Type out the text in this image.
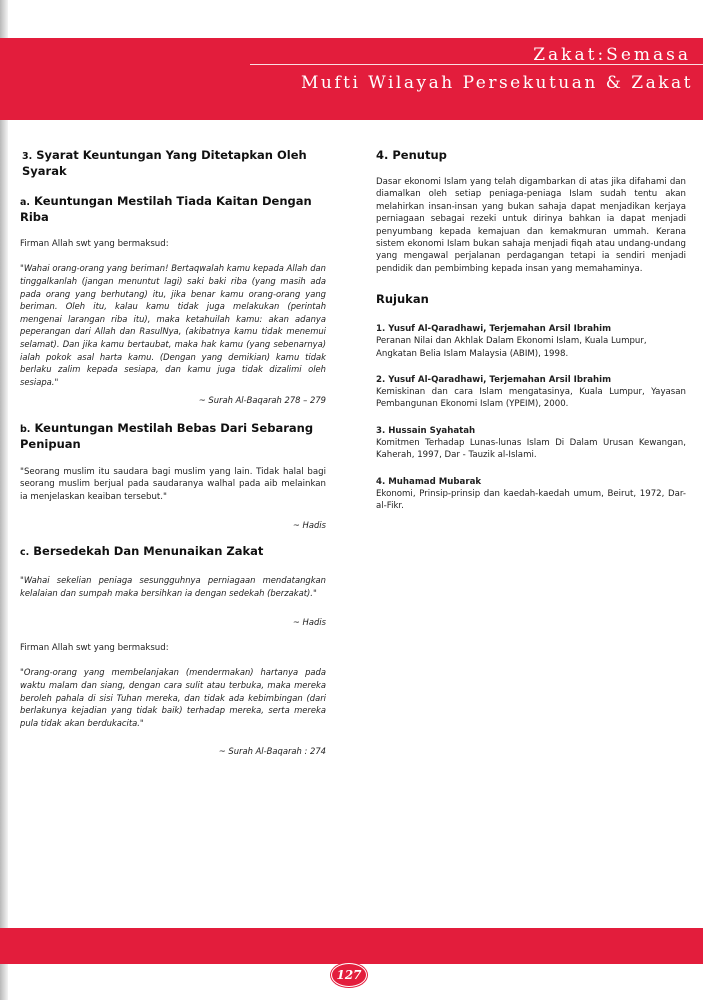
Zakat:Semasa
Mufti Wilayah Persekutuan & Zakat
3. Syarat Keuntungan Yang Ditetapkan Oleh Syarak
a. Keuntungan Mestilah Tiada Kaitan Dengan Riba

Firman Allah swt yang bermaksud:

"Wahai orang-orang yang beriman! Bertaqwalah kamu kepada Allah dan tinggalkanlah (jangan menuntut lagi) saki baki riba (yang masih ada pada orang yang berhutang) itu, jika benar kamu orang-orang yang beriman. Oleh itu, kalau kamu tidak juga melakukan (perintah mengenai larangan riba itu), maka ketahuilah kamu: akan adanya peperangan dari Allah dan RasulNya, (akibatnya kamu tidak menemui selamat). Dan jika kamu bertaubat, maka hak kamu (yang sebenarnya) ialah pokok asal harta kamu. (Dengan yang demikian) kamu tidak berlaku zalim kepada sesiapa, dan kamu juga tidak dizalimi oleh sesiapa."

~ Surah Al-Baqarah 278 – 279

b. Keuntungan Mestilah Bebas Dari Sebarang Penipuan

"Seorang muslim itu saudara bagi muslim yang lain. Tidak halal bagi seorang muslim berjual pada saudaranya walhal pada aib melainkan ia menjelaskan keaiban tersebut."

~ Hadis

c. Bersedekah Dan Menunaikan Zakat

"Wahai sekelian peniaga sesungguhnya perniagaan mendatangkan kelalaian dan sumpah maka bersihkan ia dengan sedekah (berzakat)."

~ Hadis

Firman Allah swt yang bermaksud:

"Orang-orang yang membelanjakan (mendermakan) hartanya pada waktu malam dan siang, dengan cara sulit atau terbuka, maka mereka beroleh pahala di sisi Tuhan mereka, dan tidak ada kebimbingan (dari berlakunya kejadian yang tidak baik) terhadap mereka, serta mereka pula tidak akan berdukacita."

~ Surah Al-Baqarah : 274

4. Penutup

Dasar ekonomi Islam yang telah digambarkan di atas jika difahami dan diamalkan oleh setiap peniaga-peniaga Islam sudah tentu akan melahirkan insan-insan yang bukan sahaja dapat menjadikan kerjaya perniagaan sebagai rezeki untuk dirinya bahkan ia dapat menjadi penyumbang kepada kemajuan dan kemakmuran ummah. Kerana sistem ekonomi Islam bukan sahaja menjadi fiqah atau undang-undang yang mengawal perjalanan perdagangan tetapi ia sendiri menjadi pendidik dan pembimbing kepada insan yang memahaminya.

Rujukan

1. Yusuf Al-Qaradhawi, Terjemahan Arsil Ibrahim

Peranan Nilai dan Akhlak Dalam Ekonomi Islam, Kuala Lumpur, Angkatan Belia Islam Malaysia (ABIM), 1998.

2. Yusuf Al-Qaradhawi, Terjemahan Arsil Ibrahim

Kemiskinan dan cara Islam mengatasinya, Kuala Lumpur, Yayasan Pembangunan Ekonomi Islam (YPEIM), 2000.

3. Hussain Syahatah

Komitmen Terhadap Lunas-lunas Islam Di Dalam Urusan Kewangan, Kaherah, 1997, Dar - Tauzik al-Islami.

4. Muhamad Mubarak

Ekonomi, Prinsip-prinsip dan kaedah-kaedah umum, Beirut, 1972, Dar-al-Fikr.

127
